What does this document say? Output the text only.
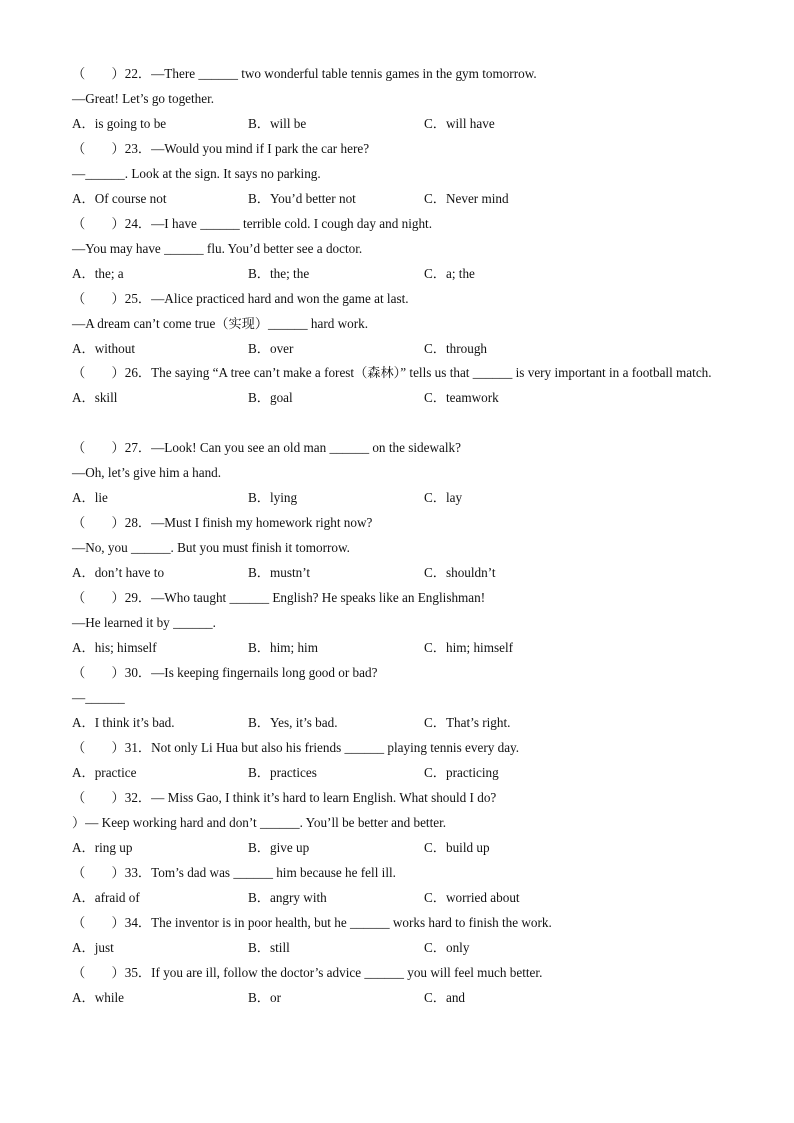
（　　）22．—There ______ two wonderful table tennis games in the gym tomorrow.
—Great! Let’s go together.
A．is going to be	B．will be	C．will have
（　　）23．—Would you mind if I park the car here?
—______. Look at the sign. It says no parking.
A．Of course not	B．You’d better not	C．Never mind
（　　）24．—I have ______ terrible cold. I cough day and night.
—You may have ______ flu. You’d better see a doctor.
A．the; a	B．the; the	C．a; the
（　　）25．—Alice practiced hard and won the game at last.
—A dream can’t come true（实现）______ hard work.
A．without	B．over	C．through
（　　）26．The saying “A tree can’t make a forest（森林）” tells us that ______ is very important in a football match.
A．skill	B．goal	C．teamwork
（　　）27．—Look! Can you see an old man ______ on the sidewalk?
—Oh, let’s give him a hand.
A．lie	B．lying	C．lay
（　　）28．—Must I finish my homework right now?
—No, you ______. But you must finish it tomorrow.
A．don’t have to	B．mustn’t	C．shouldn’t
（　　）29．—Who taught ______ English? He speaks like an Englishman!
—He learned it by ______.
A．his; himself	B．him; him	C．him; himself
（　　）30．—Is keeping fingernails long good or bad?
—______
A．I think it’s bad.	B．Yes, it’s bad.	C．That’s right.
（　　）31．Not only Li Hua but also his friends ______ playing tennis every day.
A．practice	B．practices	C．practicing
（　　）32．— Miss Gao, I think it’s hard to learn English. What should I do?
）— Keep working hard and don’t ______. You’ll be better and better.
A．ring up	B．give up	C．build up
（　　）33．Tom’s dad was ______ him because he fell ill.
A．afraid of	B．angry with	C．worried about
（　　）34．The inventor is in poor health, but he ______ works hard to finish the work.
A．just	B．still	C．only
（　　）35．If you are ill, follow the doctor’s advice ______ you will feel much better.
A．while	B．or	C．and
